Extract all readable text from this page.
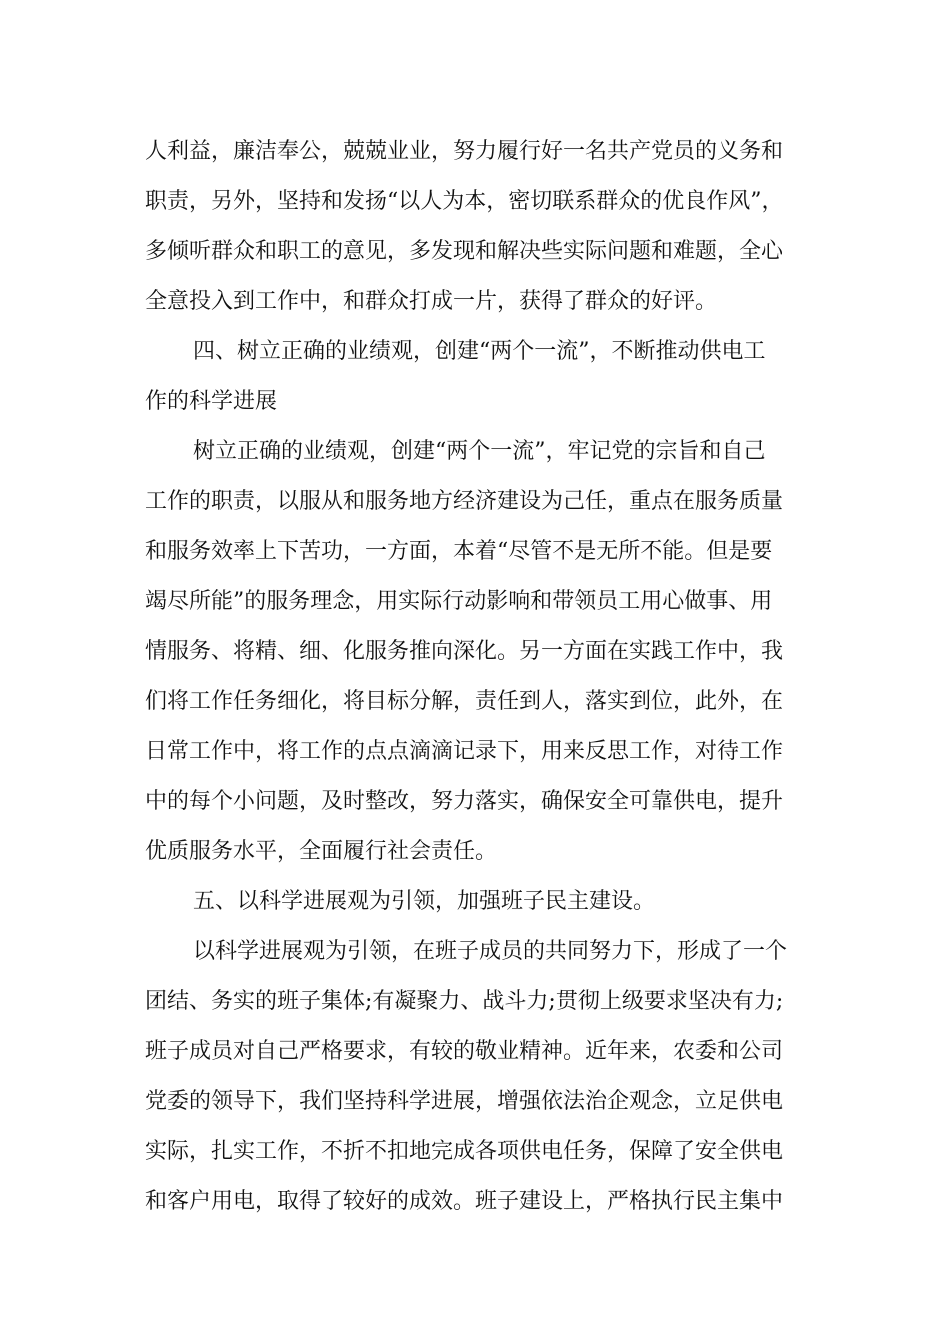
人利益，廉洁奉公，兢兢业业，努力履行好一名共产党员的义务和
职责，另外，坚持和发扬“以人为本，密切联系群众的优良作风”，
多倾听群众和职工的意见，多发现和解决些实际问题和难题，全心
全意投入到工作中，和群众打成一片，获得了群众的好评。
四、树立正确的业绩观，创建“两个一流”，不断推动供电工
作的科学进展
树立正确的业绩观，创建“两个一流”，牢记党的宗旨和自己
工作的职责，以服从和服务地方经济建设为己任，重点在服务质量
和服务效率上下苦功，一方面，本着“尽管不是无所不能。但是要
竭尽所能”的服务理念，用实际行动影响和带领员工用心做事、用
情服务、将精、细、化服务推向深化。另一方面在实践工作中，我
们将工作任务细化，将目标分解，责任到人，落实到位，此外，在
日常工作中，将工作的点点滴滴记录下，用来反思工作，对待工作
中的每个小问题，及时整改，努力落实，确保安全可靠供电，提升
优质服务水平，全面履行社会责任。
五、以科学进展观为引领，加强班子民主建设。
以科学进展观为引领，在班子成员的共同努力下，形成了一个
团结、务实的班子集体;有凝聚力、战斗力;贯彻上级要求坚决有力;
班子成员对自己严格要求，有较的敬业精神。近年来，农委和公司
党委的领导下，我们坚持科学进展，增强依法治企观念，立足供电
实际，扎实工作，不折不扣地完成各项供电任务，保障了安全供电
和客户用电，取得了较好的成效。班子建设上，严格执行民主集中
